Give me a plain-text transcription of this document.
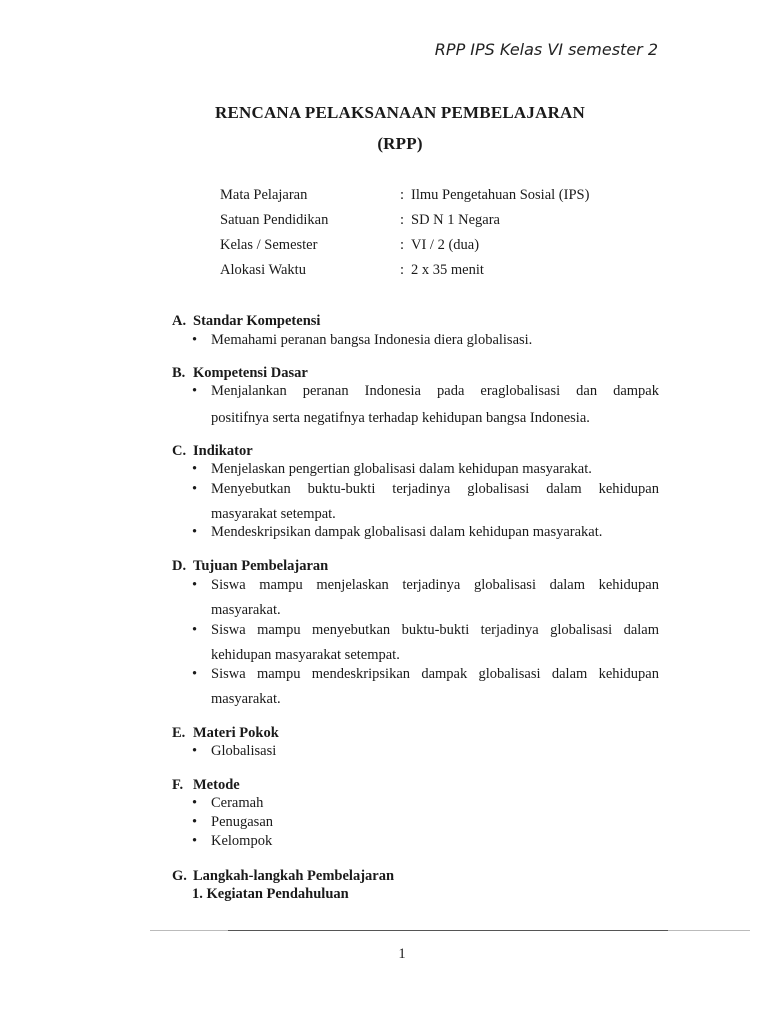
RPP IPS Kelas VI semester 2
RENCANA PELAKSANAAN PEMBELAJARAN
(RPP)
Mata Pelajaran	: Ilmu Pengetahuan Sosial (IPS)
Satuan Pendidikan	: SD N 1 Negara
Kelas / Semester	: VI / 2 (dua)
Alokasi Waktu	: 2 x 35 menit
A. Standar Kompetensi
• Memahami peranan bangsa Indonesia diera globalisasi.
B. Kompetensi Dasar
• Menjalankan peranan Indonesia pada eraglobalisasi dan dampak
positifnya serta negatifnya terhadap kehidupan bangsa Indonesia.
C. Indikator
• Menjelaskan pengertian globalisasi dalam kehidupan masyarakat.
• Menyebutkan buktu-bukti terjadinya globalisasi dalam kehidupan
masyarakat setempat.
• Mendeskripsikan dampak globalisasi dalam kehidupan masyarakat.
D. Tujuan Pembelajaran
• Siswa mampu menjelaskan terjadinya globalisasi dalam kehidupan
masyarakat.
• Siswa mampu menyebutkan buktu-bukti terjadinya globalisasi dalam
kehidupan masyarakat setempat.
• Siswa mampu mendeskripsikan dampak globalisasi dalam kehidupan
masyarakat.
E. Materi Pokok
• Globalisasi
F. Metode
• Ceramah
• Penugasan
• Kelompok
G. Langkah-langkah Pembelajaran
1. Kegiatan Pendahuluan
1
